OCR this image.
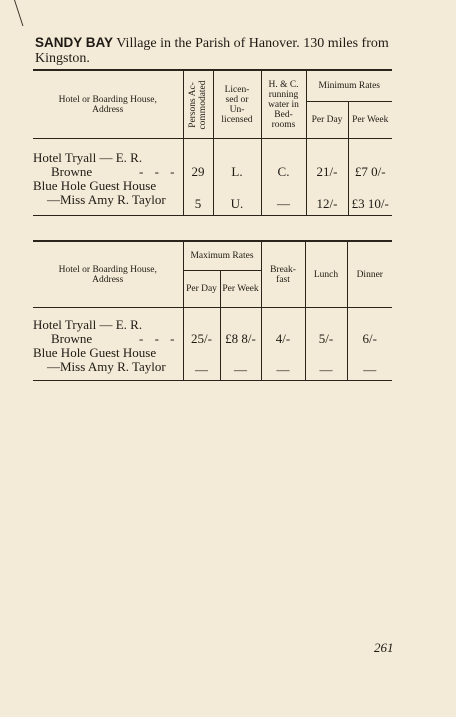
SANDY BAY Village in the Parish of Hanover. 130 miles from
Kingston.
Hotel or Boarding House, Address	Persons Ac- commodated	Licen- sed or Un- licensed	H. & C. running water in Bed- rooms	Minimum Rates	
				Per Day	Per Week

Hotel Tryall — E. R.
Browne - - -	29	L.	C.	21/-	£7 0/-

Blue Hole Guest House
—Miss Amy R. Taylor	5	U.	—	12/-	£3 10/-
Hotel or Boarding House, Address	Maximum Rates		Break- fast	Lunch	Dinner
	Per Day	Per Week			

Hotel Tryall — E. R.
Browne - - -	25/-	£8 8/-	4/-	5/-	6/-

Blue Hole Guest House
—Miss Amy R. Taylor	—	—	—	—	—
261
